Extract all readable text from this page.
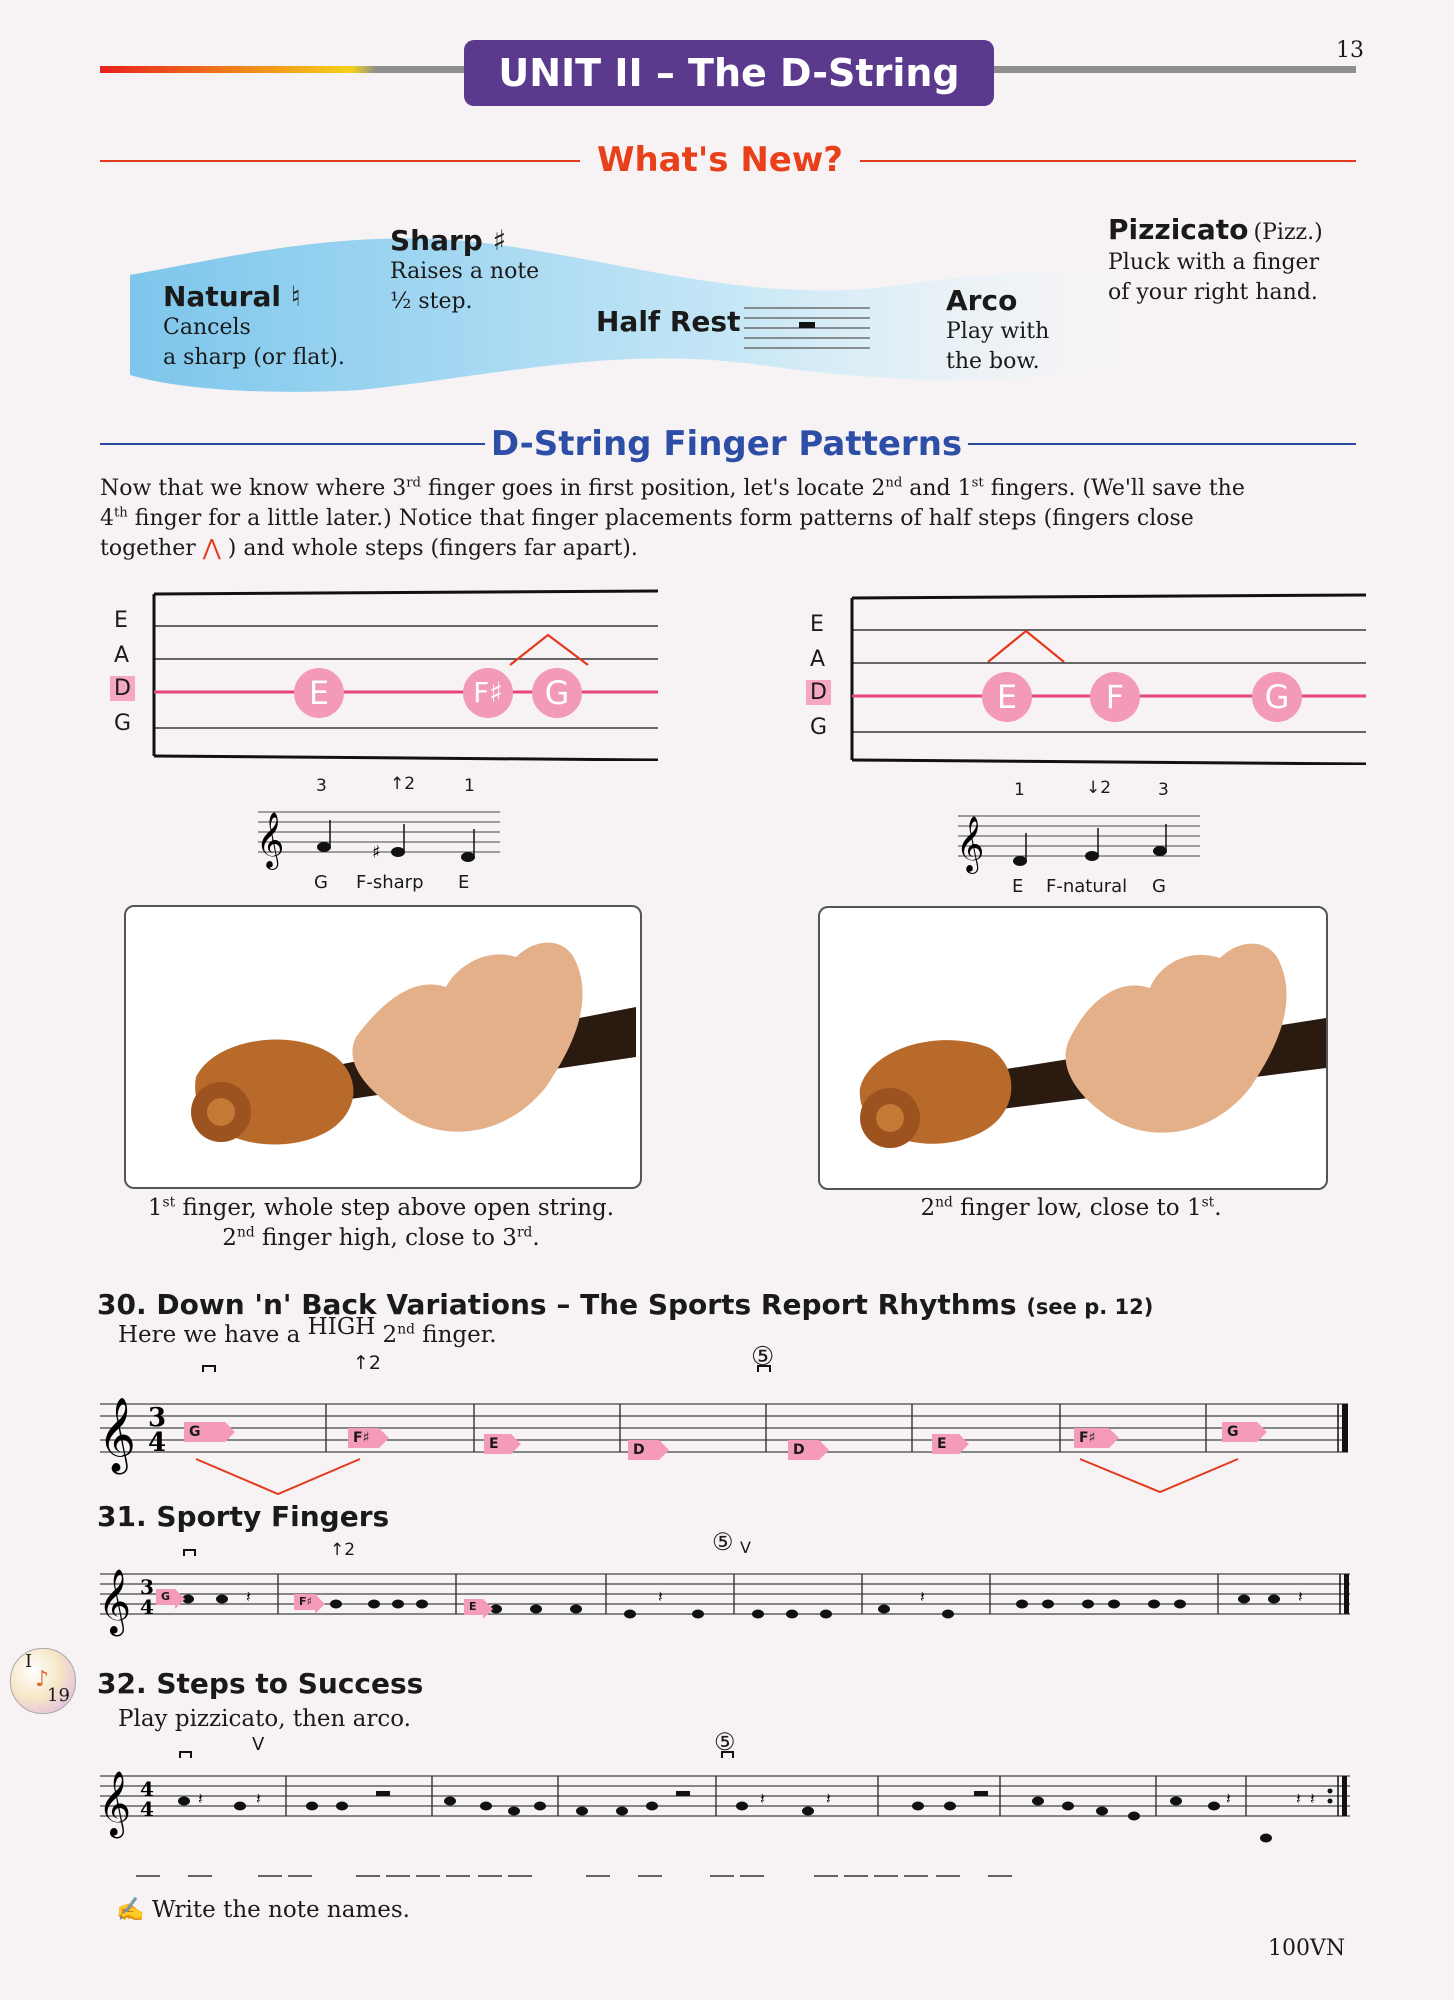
13
UNIT II – The D-String
What's New?
Natural ♮
Cancels
a sharp (or flat).
Sharp ♯
Raises a note
½ step.
Half Rest
Arco
Play with
the bow.
Pizzicato (Pizz.)
Pluck with a finger
of your right hand.
D-String Finger Patterns
Now that we know where 3rd finger goes in first position, let's locate 2nd and 1st fingers. (We'll save the
4th finger for a little later.) Notice that finger placements form patterns of half steps (fingers close
together ⋀ ) and whole steps (fingers far apart).
E
A
D
G
E	F♯	G
E
A
D
G
E	F	G
3	↑2	1
𝄞	♯
G F-sharp E
1	↓2	3
𝄞
E F-natural G
1st finger, whole step above open string.
2nd finger high, close to 3rd.
2nd finger low, close to 1st.
30. Down 'n' Back Variations – The Sports Report Rhythms (see p. 12)
Here we have a HIGH 2nd finger.
𝄞 3
4
↑2	⑤
G	F♯	E	D	D	E	F♯	G
31. Sporty Fingers
𝄞 3
4	𝄽	𝄽	𝄽	𝄽
↑2	⑤ V
G	F♯	E
I
♪
19 32. Steps to Success
Play pizzicato, then arco.
𝄞 4
4	𝄽	𝄽	𝄽	𝄽	𝄽	𝄽 𝄽
V	⑤
✍ Write the note names.
100VN
